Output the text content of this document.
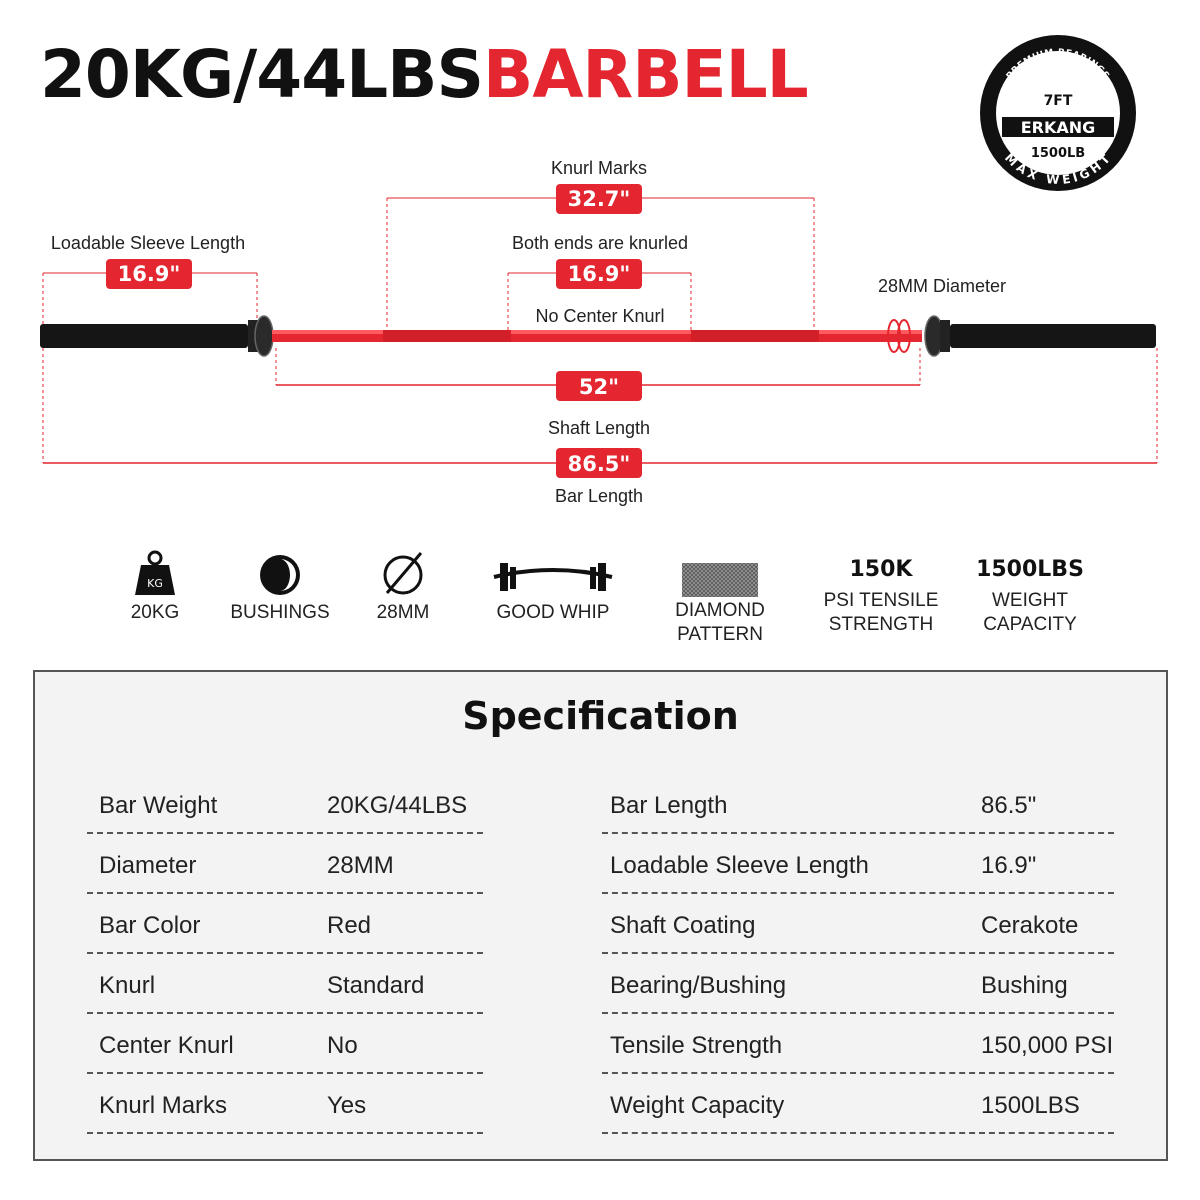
20KG/44LBSBARBELL	PREMIUM BEARINGS
MAX WEIGHT
7FT
ERKANG
1500LB
32.7"
Knurl Marks
16.9"
Loadable Sleeve Length
16.9"
Both ends are knurled
No Center Knurl
28MM Diameter
52"
Shaft Length
86.5"
Bar Length
KG
20KG	BUSHINGS	28MM	GOOD WHIP	DIAMOND
PATTERN
150K
PSI TENSILE
STRENGTH
1500LBS
WEIGHT
CAPACITY
Specification
Bar Weight	20KG/44LBS
Diameter	28MM
Bar Color	Red
Knurl	Standard
Center Knurl	No
Knurl Marks	Yes
Bar Length	86.5"
Loadable Sleeve Length	16.9"
Shaft Coating	Cerakote
Bearing/Bushing	Bushing
Tensile Strength	150,000 PSI
Weight Capacity	1500LBS
